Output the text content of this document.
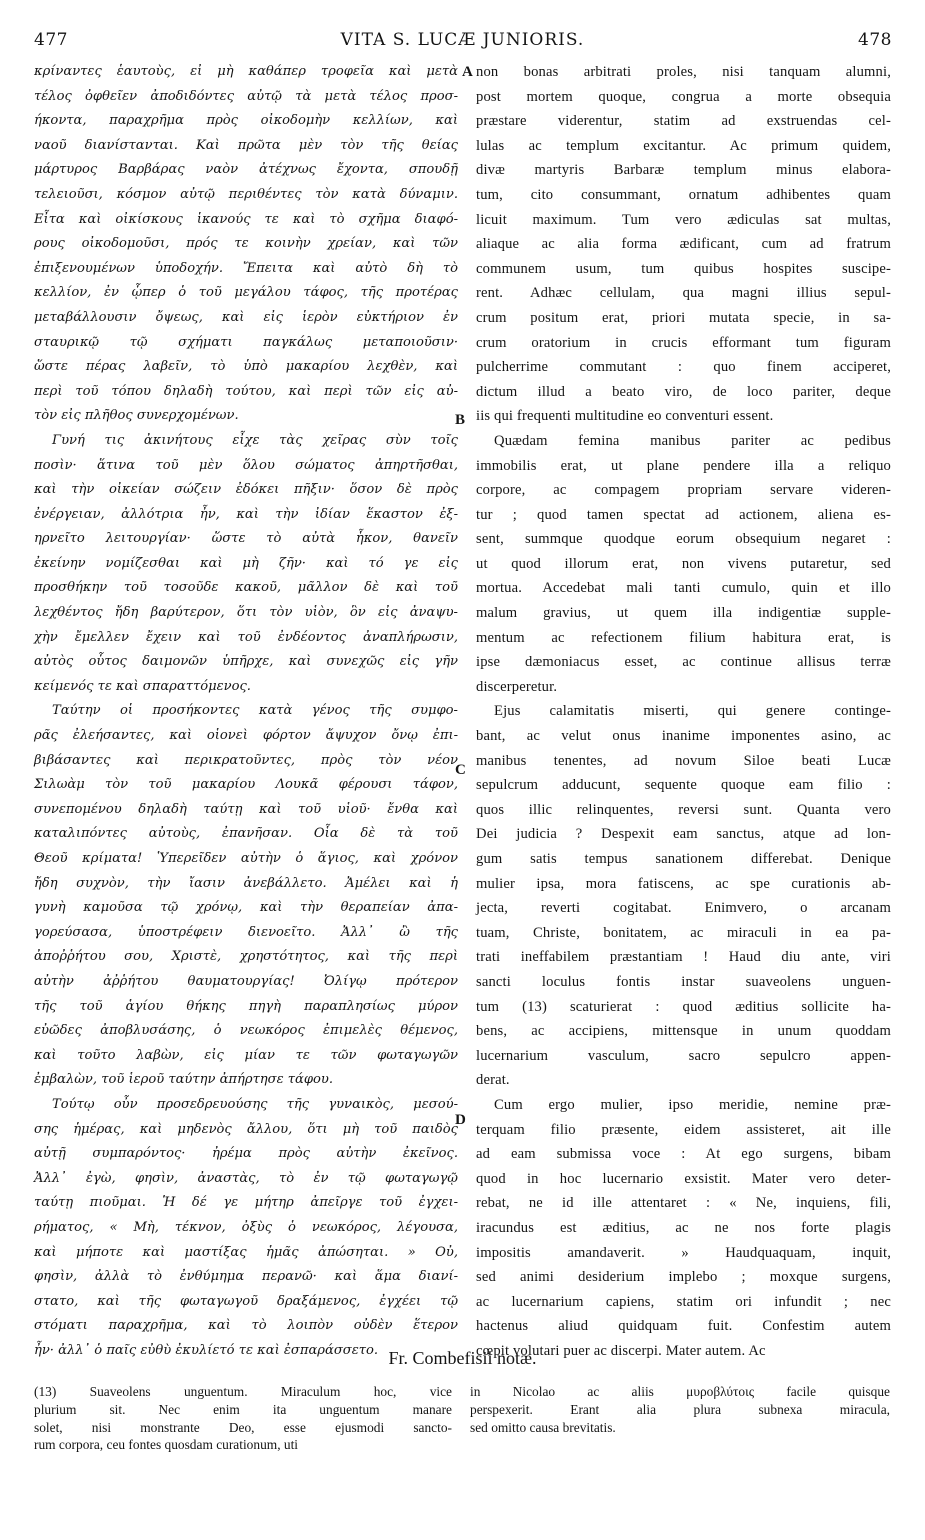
477	VITA S. LUCÆ JUNIORIS.	478
κρίναντες ἑαυτοὺς, εἰ μὴ καθάπερ τροφεῖα καὶ μετὰ
τέλος ὀφθεῖεν ἀποδιδόντες αὐτῷ τὰ μετὰ τέλος προσ-
ήκοντα, παραχρῆμα πρὸς οἰκοδομὴν κελλίων, καὶ
ναοῦ διανίστανται. Καὶ πρῶτα μὲν τὸν τῆς θείας
μάρτυρος Βαρβάρας ναὸν ἀτέχνως ἔχοντα, σπουδῇ
τελειοῦσι, κόσμον αὐτῷ περιθέντες τὸν κατὰ δύναμιν.
Εἶτα καὶ οἰκίσκους ἱκανούς τε καὶ τὸ σχῆμα διαφό-
ρους οἰκοδομοῦσι, πρός τε κοινὴν χρείαν, καὶ τῶν
ἐπιξενουμένων ὑποδοχήν. Ἔπειτα καὶ αὐτὸ δὴ τὸ
κελλίον, ἐν ᾧπερ ὁ τοῦ μεγάλου τάφος, τῆς προτέρας
μεταβάλλουσιν ὄψεως, καὶ εἰς ἱερὸν εὐκτήριον ἐν
σταυρικῷ τῷ σχήματι παγκάλως μεταποιοῦσιν·
ὥστε πέρας λαβεῖν, τὸ ὑπὸ μακαρίου λεχθὲν, καὶ
περὶ τοῦ τόπου δηλαδὴ τούτου, καὶ περὶ τῶν εἰς αὐ-
τὸν εἰς πλῆθος συνερχομένων.
Γυνή τις ἀκινήτους εἶχε τὰς χεῖρας σὺν τοῖς
ποσὶν· ἅτινα τοῦ μὲν ὅλου σώματος ἀπηρτῆσθαι,
καὶ τὴν οἰκείαν σώζειν ἐδόκει πῆξιν· ὅσον δὲ πρὸς
ἐνέργειαν, ἀλλότρια ἦν, καὶ τὴν ἰδίαν ἕκαστον ἐξ-
ηρνεῖτο λειτουργίαν· ὥστε τὸ αὐτὰ ἧκον, θανεῖν
ἐκείνην νομίζεσθαι καὶ μὴ ζῆν· καὶ τό γε εἰς
προσθήκην τοῦ τοσοῦδε κακοῦ, μᾶλλον δὲ καὶ τοῦ
λεχθέντος ἤδη βαρύτερον, ὅτι τὸν υἱὸν, ὃν εἰς ἀναψυ-
χὴν ἔμελλεν ἔχειν καὶ τοῦ ἐνδέοντος ἀναπλήρωσιν,
αὐτὸς οὗτος δαιμονῶν ὑπῆρχε, καὶ συνεχῶς εἰς γῆν
κείμενός τε καὶ σπαραττόμενος.
Ταύτην οἱ προσήκοντες κατὰ γένος τῆς συμφο-
ρᾶς ἐλεήσαντες, καὶ οἱονεὶ φόρτον ἄψυχον ὄνῳ ἐπι-
βιβάσαντες καὶ περικρατοῦντες, πρὸς τὸν νέον
Σιλωὰμ τὸν τοῦ μακαρίου Λουκᾶ φέρουσι τάφον,
συνεπομένου δηλαδὴ ταύτῃ καὶ τοῦ υἱοῦ· ἔνθα καὶ
καταλιπόντες αὐτοὺς, ἐπανῆσαν. Οἷα δὲ τὰ τοῦ
Θεοῦ κρίματα! Ὑπερεῖδεν αὐτὴν ὁ ἅγιος, καὶ χρόνον
ἤδη συχνὸν, τὴν ἴασιν ἀνεβάλλετο. Ἀμέλει καὶ ἡ
γυνὴ καμοῦσα τῷ χρόνῳ, καὶ τὴν θεραπείαν ἀπα-
γορεύσασα, ὑποστρέφειν διενοεῖτο. Ἀλλ᾽ ὢ τῆς
ἀποῤῥήτου σου, Χριστὲ, χρηστότητος, καὶ τῆς περὶ
αὐτὴν ἀῤῥήτου θαυματουργίας! Ὀλίγῳ πρότερον
τῆς τοῦ ἁγίου θήκης πηγὴ παραπλησίως μύρον
εὐῶδες ἀποβλυσάσης, ὁ νεωκόρος ἐπιμελὲς θέμενος,
καὶ τοῦτο λαβὼν, εἰς μίαν τε τῶν φωταγωγῶν
ἐμβαλὼν, τοῦ ἱεροῦ ταύτην ἀπήρτησε τάφου.
Τούτῳ οὖν προσεδρευούσης τῆς γυναικὸς, μεσού-
σης ἡμέρας, καὶ μηδενὸς ἄλλου, ὅτι μὴ τοῦ παιδὸς
αὐτῇ συμπαρόντος· ἠρέμα πρὸς αὐτὴν ἐκεῖνος.
Ἀλλ᾽ ἐγὼ, φησὶν, ἀναστὰς, τὸ ἐν τῷ φωταγωγῷ
ταύτῃ πιοῦμαι. Ἡ δέ γε μήτηρ ἀπεῖργε τοῦ ἐγχει-
ρήματος, « Μὴ, τέκνον, ὀξὺς ὁ νεωκόρος, λέγουσα,
καὶ μήποτε καὶ μαστίξας ἡμᾶς ἀπώσηται. » Οὐ,
φησὶν, ἀλλὰ τὸ ἐνθύμημα περανῶ· καὶ ἅμα διανί-
στατο, καὶ τῆς φωταγωγοῦ δραξάμενος, ἐγχέει τῷ
στόματι παραχρῆμα, καὶ τὸ λοιπὸν οὐδὲν ἕτερον
ἦν· ἀλλ᾽ ὁ παῖς εὐθὺ ἐκυλίετό τε καὶ ἐσπαράσσετο.
non bonas arbitrati proles, nisi tanquam alumni,
post mortem quoque, congrua a morte obsequia
præstare viderentur, statim ad exstruendas cel-
lulas ac templum excitantur. Ac primum quidem,
divæ martyris Barbaræ templum minus elabora-
tum, cito consummant, ornatum adhibentes quam
licuit maximum. Tum vero ædiculas sat multas,
aliaque ac alia forma ædificant, cum ad fratrum
communem usum, tum quibus hospites suscipe-
rent. Adhæc cellulam, qua magni illius sepul-
crum positum erat, priori mutata specie, in sa-
crum oratorium in crucis efformant tum figuram
pulcherrime commutant : quo finem acciperet,
dictum illud a beato viro, de loco pariter, deque
iis qui frequenti multitudine eo conventuri essent.
Quædam femina manibus pariter ac pedibus
immobilis erat, ut plane pendere illa a reliquo
corpore, ac compagem propriam servare videren-
tur ; quod tamen spectat ad actionem, aliena es-
sent, summque quodque eorum obsequium negaret :
ut quod illorum erat, non vivens putaretur, sed
mortua. Accedebat mali tanti cumulo, quin et illo
malum gravius, ut quem illa indigentiæ supple-
mentum ac refectionem filium habitura erat, is
ipse dæmoniacus esset, ac continue allisus terræ
discerperetur.
Ejus calamitatis miserti, qui genere continge-
bant, ac velut onus inanime imponentes asino, ac
manibus tenentes, ad novum Siloe beati Lucæ
sepulcrum adducunt, sequente quoque eam filio :
quos illic relinquentes, reversi sunt. Quanta vero
Dei judicia ? Despexit eam sanctus, atque ad lon-
gum satis tempus sanationem differebat. Denique
mulier ipsa, mora fatiscens, ac spe curationis ab-
jecta, reverti cogitabat. Enimvero, o arcanam
tuam, Christe, bonitatem, ac miraculi in ea pa-
trati ineffabilem præstantiam ! Haud diu ante, viri
sancti loculus fontis instar suaveolens unguen-
tum (13) scaturierat : quod æditius sollicite ha-
bens, ac accipiens, mittensque in unum quoddam
lucernarium vasculum, sacro sepulcro appen-
derat.
Cum ergo mulier, ipso meridie, nemine præ-
terquam filio præsente, eidem assisteret, ait ille
ad eam submissa voce : At ego surgens, bibam
quod in hoc lucernario exsistit. Mater vero deter-
rebat, ne id ille attentaret : « Ne, inquiens, fili,
iracundus est æditius, ac ne nos forte plagis
impositis amandaverit. » Haudquaquam, inquit,
sed animi desiderium implebo ; moxque surgens,
ac lucernarium capiens, statim ori infundit ; nec
hactenus aliud quidquam fuit. Confestim autem
cœpit volutari puer ac discerpi. Mater autem. Ac
A
B
C
D
Fr. Combefisii notæ.
(13) Suaveolens unguentum. Miraculum hoc, vice
plurium sit. Nec enim ita unguentum manare
solet, nisi monstrante Deo, esse ejusmodi sancto-
rum corpora, ceu fontes quosdam curationum, uti
in Nicolao ac aliis μυροβλύτοις facile quisque
perspexerit. Erant alia plura subnexa miracula,
sed omitto causa brevitatis.
